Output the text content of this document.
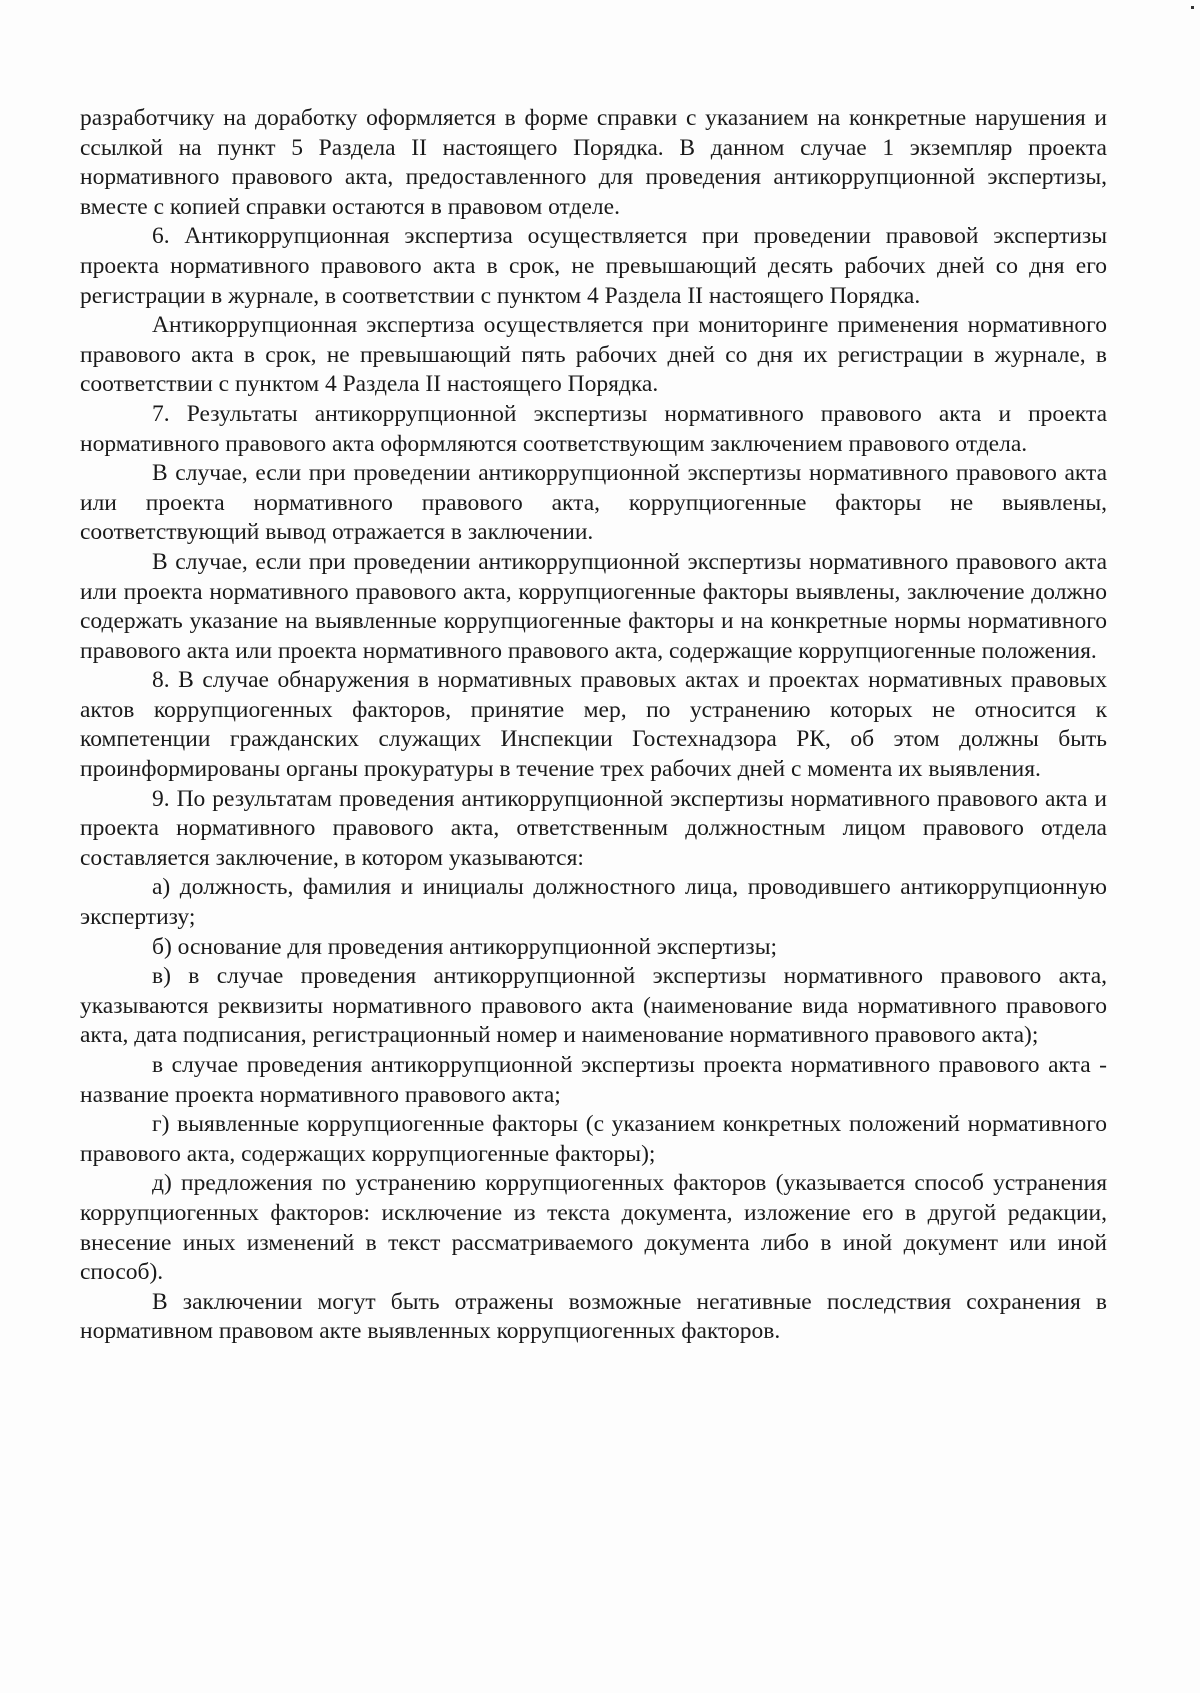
разработчику на доработку оформляется в форме справки с указанием на конкретные нарушения и ссылкой на пункт 5 Раздела II настоящего Порядка. В данном случае 1 экземпляр проекта нормативного правового акта, предоставленного для проведения антикоррупционной экспертизы, вместе с копией справки остаются в правовом отделе.

6. Антикоррупционная экспертиза осуществляется при проведении правовой экспертизы проекта нормативного правового акта в срок, не превышающий десять рабочих дней со дня его регистрации в журнале, в соответствии с пунктом 4 Раздела II настоящего Порядка.

Антикоррупционная экспертиза осуществляется при мониторинге применения нормативного правового акта в срок, не превышающий пять рабочих дней со дня их регистрации в журнале, в соответствии с пунктом 4 Раздела II настоящего Порядка.

7. Результаты антикоррупционной экспертизы нормативного правового акта и проекта нормативного правового акта оформляются соответствующим заключением правового отдела.

В случае, если при проведении антикоррупционной экспертизы нормативного правового акта или проекта нормативного правового акта, коррупциогенные факторы не выявлены, соответствующий вывод отражается в заключении.

В случае, если при проведении антикоррупционной экспертизы нормативного правового акта или проекта нормативного правового акта, коррупциогенные факторы выявлены, заключение должно содержать указание на выявленные коррупциогенные факторы и на конкретные нормы нормативного правового акта или проекта нормативного правового акта, содержащие коррупциогенные положения.

8. В случае обнаружения в нормативных правовых актах и проектах нормативных правовых актов коррупциогенных факторов, принятие мер, по устранению которых не относится к компетенции гражданских служащих Инспекции Гостехнадзора РК, об этом должны быть проинформированы органы прокуратуры в течение трех рабочих дней с момента их выявления.

9. По результатам проведения антикоррупционной экспертизы нормативного правового акта и проекта нормативного правового акта, ответственным должностным лицом правового отдела составляется заключение, в котором указываются:

а) должность, фамилия и инициалы должностного лица, проводившего антикоррупционную экспертизу;

б) основание для проведения антикоррупционной экспертизы;

в) в случае проведения антикоррупционной экспертизы нормативного правового акта, указываются реквизиты нормативного правового акта (наименование вида нормативного правового акта, дата подписания, регистрационный номер и наименование нормативного правового акта);

в случае проведения антикоррупционной экспертизы проекта нормативного правового акта - название проекта нормативного правового акта;

г) выявленные коррупциогенные факторы (с указанием конкретных положений нормативного правового акта, содержащих коррупциогенные факторы);

д) предложения по устранению коррупциогенных факторов (указывается способ устранения коррупциогенных факторов: исключение из текста документа, изложение его в другой редакции, внесение иных изменений в текст рассматриваемого документа либо в иной документ или иной способ).

В заключении могут быть отражены возможные негативные последствия сохранения в нормативном правовом акте выявленных коррупциогенных факторов.
